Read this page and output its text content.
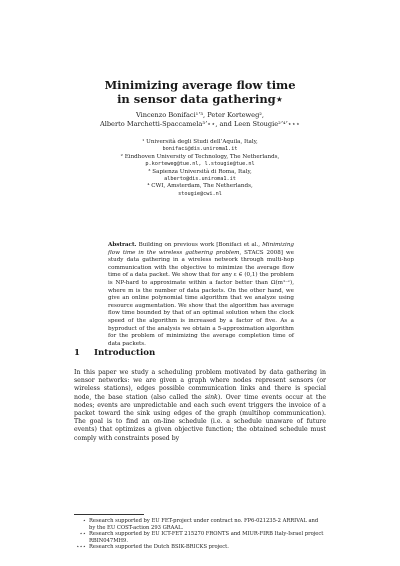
Minimizing average flow time
in sensor data gathering⋆
Vincenzo Bonifaci¹ʼ³, Peter Korteweg²,
Alberto Marchetti-Spaccamela³ʼ⋆⋆, and Leen Stougie²ʼ⁴ʼ⋆⋆⋆
¹ Università degli Studi dell’Aquila, Italy,
bonifaci@dis.uniroma1.it
² Eindhoven University of Technology, The Netherlands,
p.korteweg@tue.nl, l.stougie@tue.nl
³ Sapienza Università di Roma, Italy,
alberto@dis.uniroma1.it
⁴ CWI, Amsterdam, The Netherlands,
stougie@cwi.nl
Abstract. Building on previous work [Bonifaci et al., Minimizing flow time in the wireless gathering problem, STACS 2008] we study data gathering in a wireless network through multi-hop communication with the objective to minimize the average flow time of a data packet. We show that for any ε ∈ (0,1) the problem is NP-hard to approximate within a factor better than Ω(m¹⁻ᵋ), where m is the number of data packets. On the other hand, we give an online polynomial time algorithm that we analyze using resource augmentation. We show that the algorithm has average flow time bounded by that of an optimal solution when the clock speed of the algorithm is increased by a factor of five. As a byproduct of the analysis we obtain a 5-approximation algorithm for the problem of minimizing the average completion time of data packets.
1 Introduction
In this paper we study a scheduling problem motivated by data gathering in sensor networks: we are given a graph where nodes represent sensors (or wireless stations), edges possible communication links and there is special node, the base station (also called the sink). Over time events occur at the nodes; events are unpredictable and each such event triggers the invoice of a packet toward the sink using edges of the graph (multihop communication). The goal is to find an on-line schedule (i.e. a schedule unaware of future events) that optimizes a given objective function; the obtained schedule must comply with constraints posed by
⋆ Research supported by EU FET-project under contract no. FP6-021235-2 ARRIVAL and by the EU COST-action 293 GRAAL.
⋆⋆ Research supported by EU ICT-FET 215270 FRONTS and MIUR-FIRB Italy-Israel project RBIN047MH9.
⋆⋆⋆ Research supported the Dutch BSIK-BRICKS project.
